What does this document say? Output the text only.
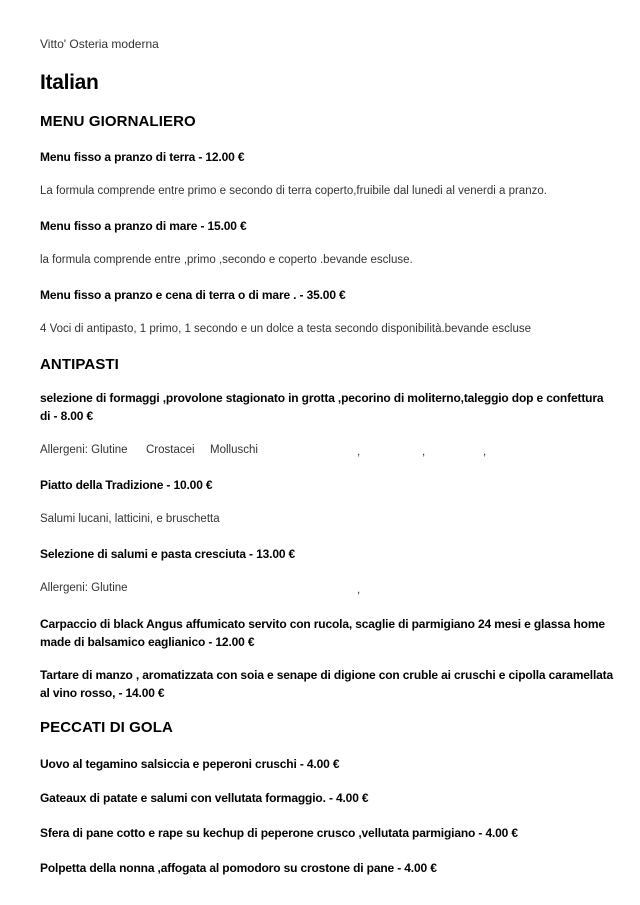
Vitto' Osteria moderna
Italian
MENU GIORNALIERO
Menu fisso a pranzo di terra - 12.00 €
La formula comprende entre primo e secondo di terra coperto,fruibile dal lunedi al venerdi a pranzo.
Menu fisso a pranzo di mare - 15.00 €
la formula comprende entre ,primo ,secondo e coperto .bevande escluse.
Menu fisso a pranzo e cena di terra o di mare . - 35.00 €
4 Voci di antipasto, 1 primo, 1 secondo e un dolce a testa secondo disponibilità.bevande escluse
ANTIPASTI
selezione di formaggi ,provolone stagionato in grotta ,pecorino di moliterno,taleggio dop e confettura di - 8.00 €
Allergeni: Glutine Crostacei Molluschi	,	,	,
Piatto della Tradizione - 10.00 €
Salumi lucani, latticini, e bruschetta
Selezione di salumi e pasta cresciuta - 13.00 €
Allergeni: Glutine	,
Carpaccio di black Angus affumicato servito con rucola, scaglie di parmigiano 24 mesi e glassa home made di balsamico eaglianico - 12.00 €
Tartare di manzo , aromatizzata con soia e senape di digione con cruble ai cruschi e cipolla caramellata al vino rosso, - 14.00 €
PECCATI DI GOLA
Uovo al tegamino salsiccia e peperoni cruschi - 4.00 €
Gateaux di patate e salumi con vellutata formaggio. - 4.00 €
Sfera di pane cotto e rape su kechup di peperone crusco ,vellutata parmigiano - 4.00 €
Polpetta della nonna ,affogata al pomodoro su crostone di pane - 4.00 €
